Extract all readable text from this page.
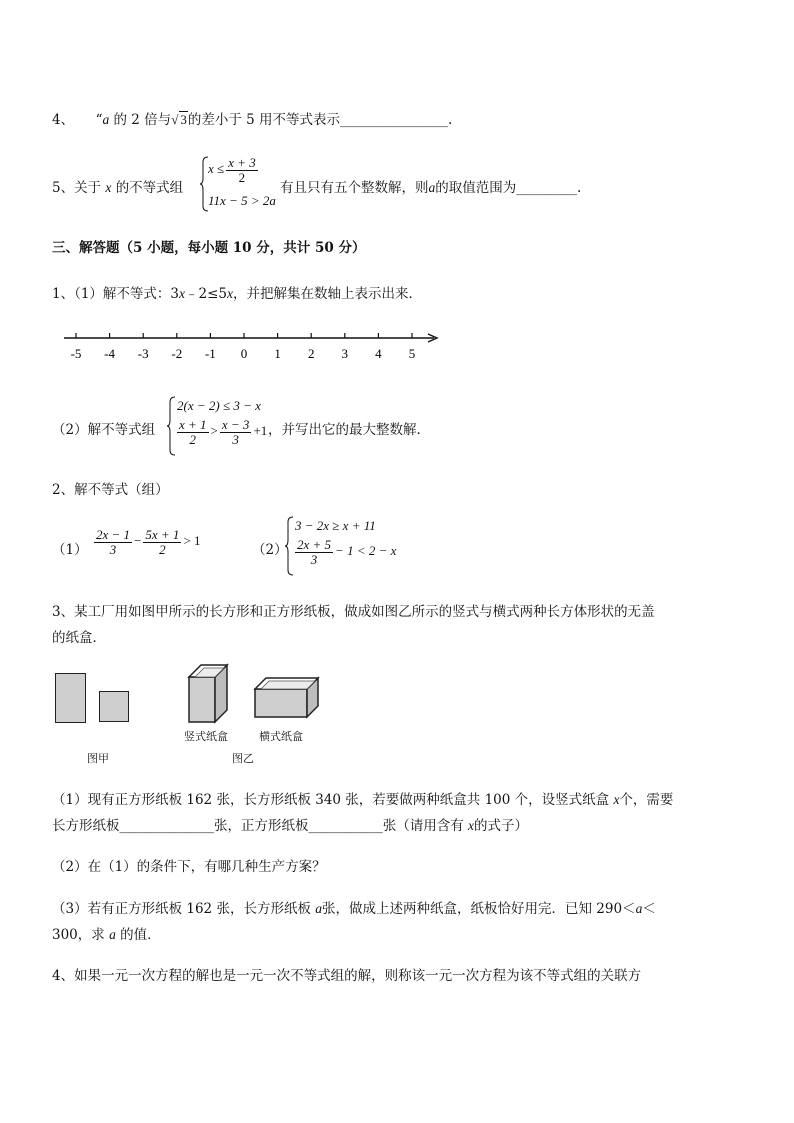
4、 “a 的 2 倍与√ 3的差小于 5 用不等式表示________________.
5、关于 x 的不等式组
$x \le \frac{x + 3}{2}$
11x − 5 > 2a
有且只有五个整数解，则a的取值范围为_________.
三、解答题（5 小题，每小题 10 分，共计 50 分）
1、（1）解不等式：3x﹣2≤5x，并把解集在数轴上表示出来．
-5 -4 -3 -2 -1 0 1 2 3 4 5
（2）解不等式组
2(x − 2) ≤ 3 − x
$\frac{x + 1}{2} > \frac{x - 3}{3} +1$ ，并写出它的最大整数解．
2、解不等式（组）
$(1) \frac{2x - 1}{3} - \frac{5x + 1}{2} > 1$
（2）
3 − 2x ≥ x + 11
$\frac{2x + 5}{3} - 1 < 2 - x$
3、某工厂用如图甲所示的长方形和正方形纸板，做成如图乙所示的竖式与横式两种长方体形状的无盖
的纸盒．
图甲
竖式纸盒	横式纸盒
图乙
（1）现有正方形纸板 162 张，长方形纸板 340 张，若要做两种纸盒共 100 个，设竖式纸盒 x个，需要
长方形纸板______________张，正方形纸板___________张（请用含有 x的式子）
（2）在（1）的条件下，有哪几种生产方案？
（3）若有正方形纸板 162 张，长方形纸板 a张，做成上述两种纸盒，纸板恰好用完．已知 290＜a＜
300，求 a 的值．
4、如果一元一次方程的解也是一元一次不等式组的解，则称该一元一次方程为该不等式组的关联方
